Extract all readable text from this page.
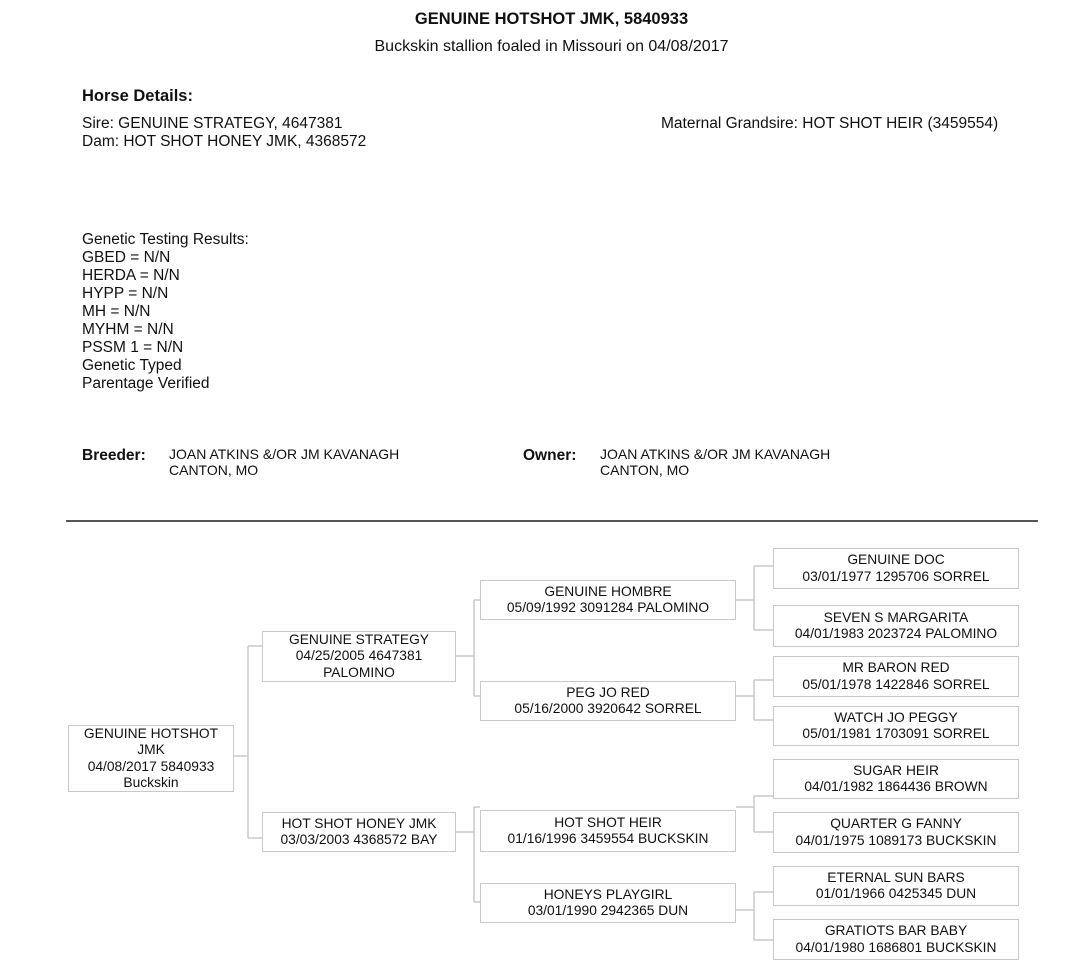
GENUINE HOTSHOT JMK, 5840933
Buckskin stallion foaled in Missouri on 04/08/2017
Horse Details:
Sire: GENUINE STRATEGY, 4647381
Dam: HOT SHOT HONEY JMK, 4368572
Maternal Grandsire: HOT SHOT HEIR (3459554)
Genetic Testing Results:
GBED = N/N
HERDA = N/N
HYPP = N/N
MH = N/N
MYHM = N/N
PSSM 1 = N/N
Genetic Typed
Parentage Verified
Breeder: JOAN ATKINS &/OR JM KAVANAGH
CANTON, MO
Owner: JOAN ATKINS &/OR JM KAVANAGH
CANTON, MO
GENUINE HOTSHOT
JMK
04/08/2017 5840933
Buckskin
GENUINE STRATEGY
04/25/2005 4647381
PALOMINO
HOT SHOT HONEY JMK
03/03/2003 4368572 BAY
GENUINE HOMBRE
05/09/1992 3091284 PALOMINO
PEG JO RED
05/16/2000 3920642 SORREL
HOT SHOT HEIR
01/16/1996 3459554 BUCKSKIN
HONEYS PLAYGIRL
03/01/1990 2942365 DUN
GENUINE DOC
03/01/1977 1295706 SORREL
SEVEN S MARGARITA
04/01/1983 2023724 PALOMINO
MR BARON RED
05/01/1978 1422846 SORREL
WATCH JO PEGGY
05/01/1981 1703091 SORREL
SUGAR HEIR
04/01/1982 1864436 BROWN
QUARTER G FANNY
04/01/1975 1089173 BUCKSKIN
ETERNAL SUN BARS
01/01/1966 0425345 DUN
GRATIOTS BAR BABY
04/01/1980 1686801 BUCKSKIN
